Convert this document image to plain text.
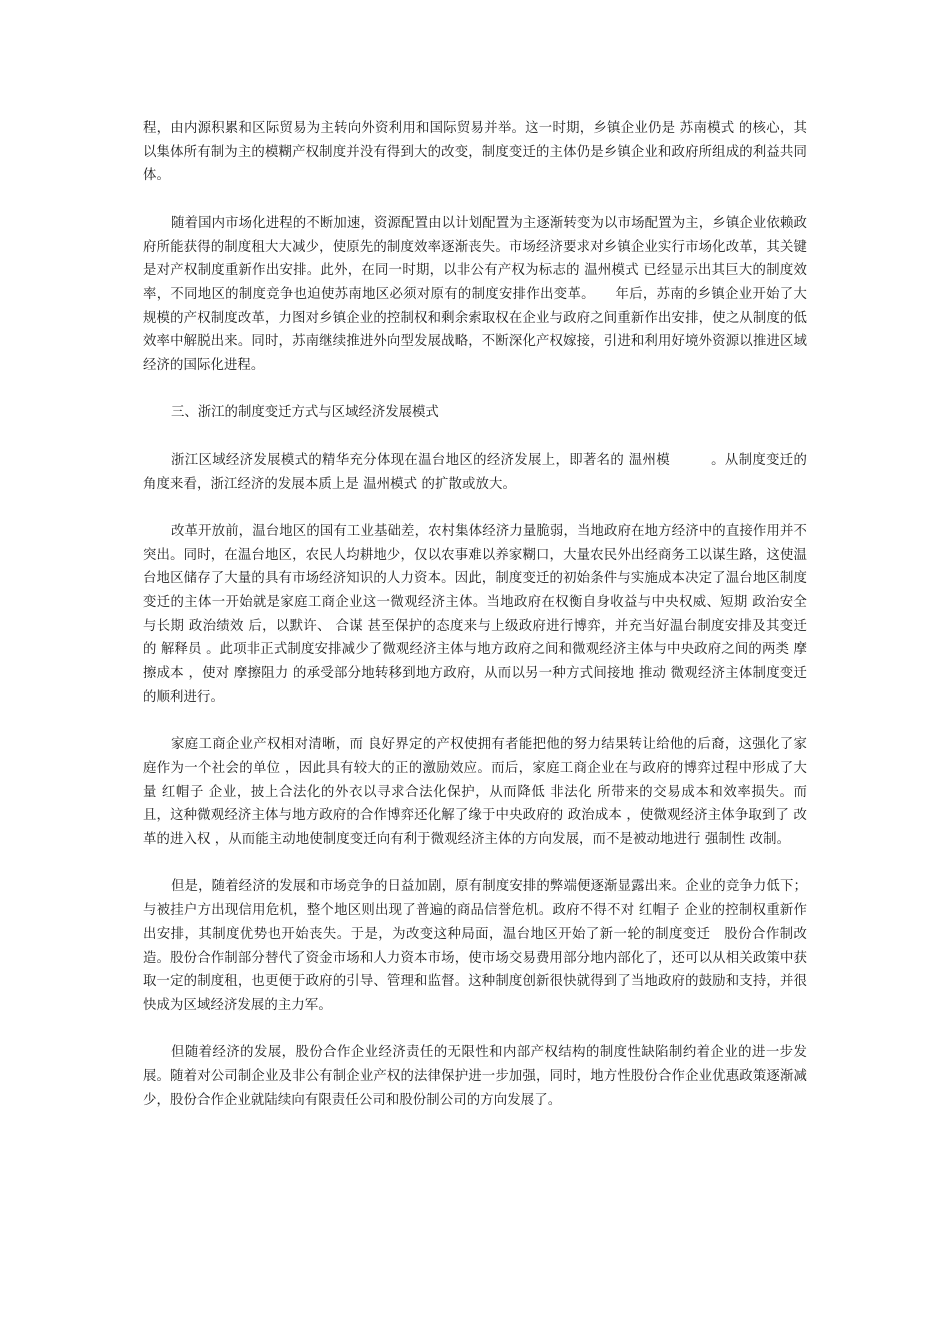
程，由内源积累和区际贸易为主转向外资利用和国际贸易并举。这一时期，乡镇企业仍是 苏南模式 的核心，其以集体所有制为主的模糊产权制度并没有得到大的改变，制度变迁的主体仍是乡镇企业和政府所组成的利益共同体。

随着国内市场化进程的不断加速，资源配置由以计划配置为主逐渐转变为以市场配置为主，乡镇企业依赖政府所能获得的制度租大大减少，使原先的制度效率逐渐丧失。市场经济要求对乡镇企业实行市场化改革，其关键是对产权制度重新作出安排。此外，在同一时期，以非公有产权为标志的 温州模式 已经显示出其巨大的制度效率，不同地区的制度竞争也迫使苏南地区必须对原有的制度安排作出变革。　　年后，苏南的乡镇企业开始了大规模的产权制度改革，力图对乡镇企业的控制权和剩余索取权在企业与政府之间重新作出安排，使之从制度的低效率中解脱出来。同时，苏南继续推进外向型发展战略，不断深化产权嫁接，引进和利用好境外资源以推进区域经济的国际化进程。

三、浙江的制度变迁方式与区域经济发展模式

浙江区域经济发展模式的精华充分体现在温台地区的经济发展上，即著名的 温州模　　　。从制度变迁的角度来看，浙江经济的发展本质上是 温州模式 的扩散或放大。

改革开放前，温台地区的国有工业基础差，农村集体经济力量脆弱，当地政府在地方经济中的直接作用并不突出。同时，在温台地区，农民人均耕地少，仅以农事难以养家糊口，大量农民外出经商务工以谋生路，这使温台地区储存了大量的具有市场经济知识的人力资本。因此，制度变迁的初始条件与实施成本决定了温台地区制度变迁的主体一开始就是家庭工商企业这一微观经济主体。当地政府在权衡自身收益与中央权威、短期 政治安全 与长期 政治绩效 后，以默许、 合谋 甚至保护的态度来与上级政府进行博弈，并充当好温台制度安排及其变迁的 解释员 。此项非正式制度安排减少了微观经济主体与地方政府之间和微观经济主体与中央政府之间的两类 摩擦成本 ，使对 摩擦阻力 的承受部分地转移到地方政府，从而以另一种方式间接地 推动 微观经济主体制度变迁的顺利进行。

家庭工商企业产权相对清晰，而 良好界定的产权使拥有者能把他的努力结果转让给他的后裔，这强化了家庭作为一个社会的单位 ，因此具有较大的正的激励效应。而后，家庭工商企业在与政府的博弈过程中形成了大量 红帽子 企业，披上合法化的外衣以寻求合法化保护，从而降低 非法化 所带来的交易成本和效率损失。而且，这种微观经济主体与地方政府的合作博弈还化解了缘于中央政府的 政治成本 ，使微观经济主体争取到了 改革的进入权 ，从而能主动地使制度变迁向有利于微观经济主体的方向发展，而不是被动地进行 强制性 改制。

但是，随着经济的发展和市场竞争的日益加剧，原有制度安排的弊端便逐渐显露出来。企业的竞争力低下；与被挂户方出现信用危机，整个地区则出现了普遍的商品信誉危机。政府不得不对 红帽子 企业的控制权重新作出安排，其制度优势也开始丧失。于是，为改变这种局面，温台地区开始了新一轮的制度变迁　股份合作制改造。股份合作制部分替代了资金市场和人力资本市场，使市场交易费用部分地内部化了，还可以从相关政策中获取一定的制度租，也更便于政府的引导、管理和监督。这种制度创新很快就得到了当地政府的鼓励和支持，并很快成为区域经济发展的主力军。

但随着经济的发展，股份合作企业经济责任的无限性和内部产权结构的制度性缺陷制约着企业的进一步发展。随着对公司制企业及非公有制企业产权的法律保护进一步加强，同时，地方性股份合作企业优惠政策逐渐减少，股份合作企业就陆续向有限责任公司和股份制公司的方向发展了。
